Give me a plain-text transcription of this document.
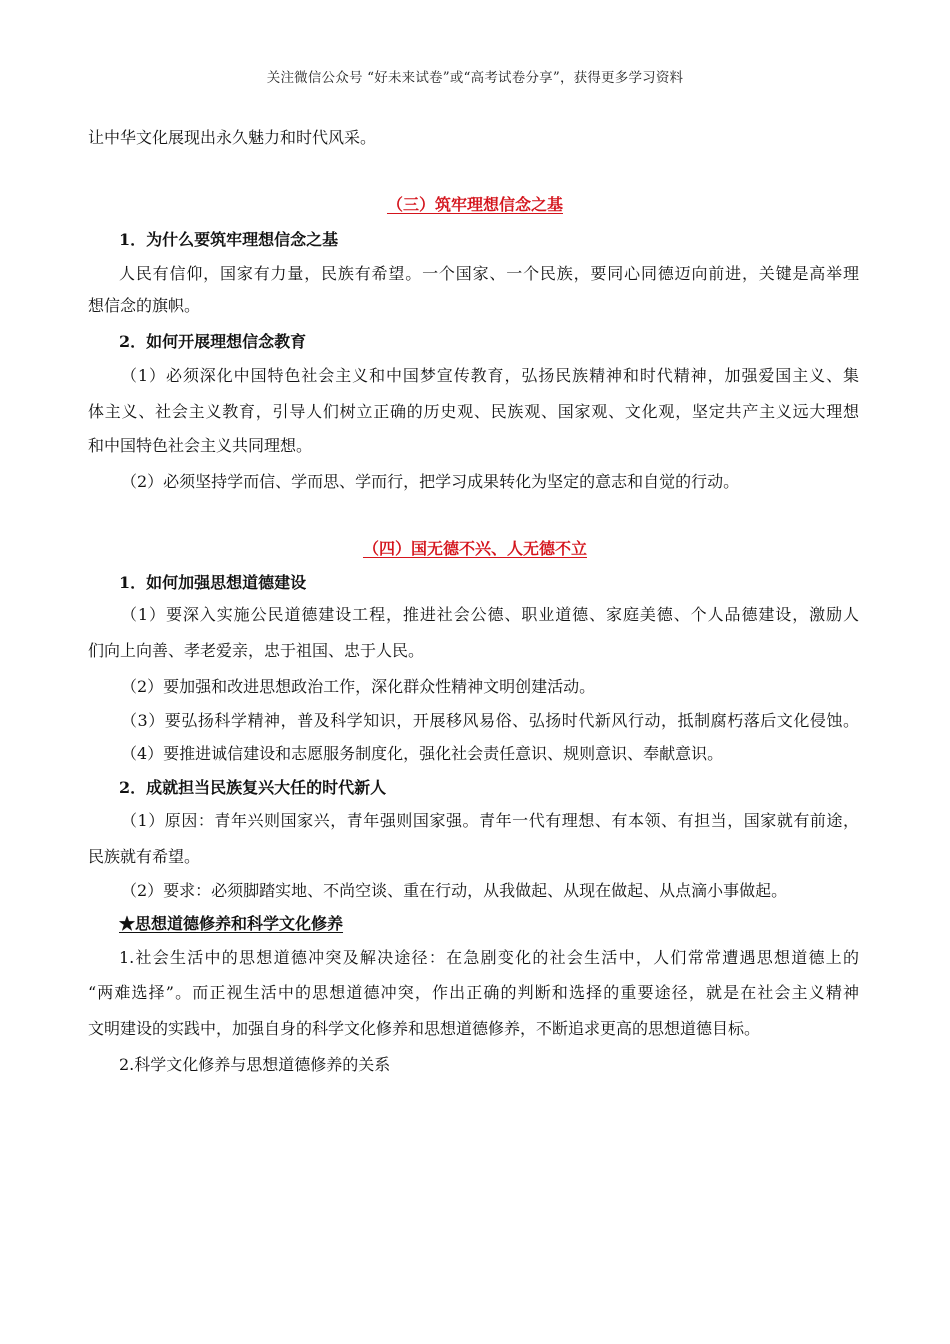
关注微信公众号 “好未来试卷”或“高考试卷分享”，获得更多学习资料
让中华文化展现出永久魅力和时代风采。
（三）筑牢理想信念之基
1．为什么要筑牢理想信念之基
人民有信仰，国家有力量，民族有希望。一个国家、一个民族，要同心同德迈向前进，关键是高举理
想信念的旗帜。
2．如何开展理想信念教育
（1）必须深化中国特色社会主义和中国梦宣传教育，弘扬民族精神和时代精神，加强爱国主义、集
体主义、社会主义教育，引导人们树立正确的历史观、民族观、国家观、文化观，坚定共产主义远大理想
和中国特色社会主义共同理想。
（2）必须坚持学而信、学而思、学而行，把学习成果转化为坚定的意志和自觉的行动。
（四）国无德不兴、人无德不立
1．如何加强思想道德建设
（1）要深入实施公民道德建设工程，推进社会公德、职业道德、家庭美德、个人品德建设，激励人
们向上向善、孝老爱亲，忠于祖国、忠于人民。
（2）要加强和改进思想政治工作，深化群众性精神文明创建活动。
（3）要弘扬科学精神，普及科学知识，开展移风易俗、弘扬时代新风行动，抵制腐朽落后文化侵蚀。
（4）要推进诚信建设和志愿服务制度化，强化社会责任意识、规则意识、奉献意识。
2．成就担当民族复兴大任的时代新人
（1）原因：青年兴则国家兴，青年强则国家强。青年一代有理想、有本领、有担当，国家就有前途，
民族就有希望。
（2）要求：必须脚踏实地、不尚空谈、重在行动，从我做起、从现在做起、从点滴小事做起。
★思想道德修养和科学文化修养
1.社会生活中的思想道德冲突及解决途径：在急剧变化的社会生活中，人们常常遭遇思想道德上的
“两难选择”。而正视生活中的思想道德冲突，作出正确的判断和选择的重要途径，就是在社会主义精神
文明建设的实践中，加强自身的科学文化修养和思想道德修养，不断追求更高的思想道德目标。
2.科学文化修养与思想道德修养的关系
